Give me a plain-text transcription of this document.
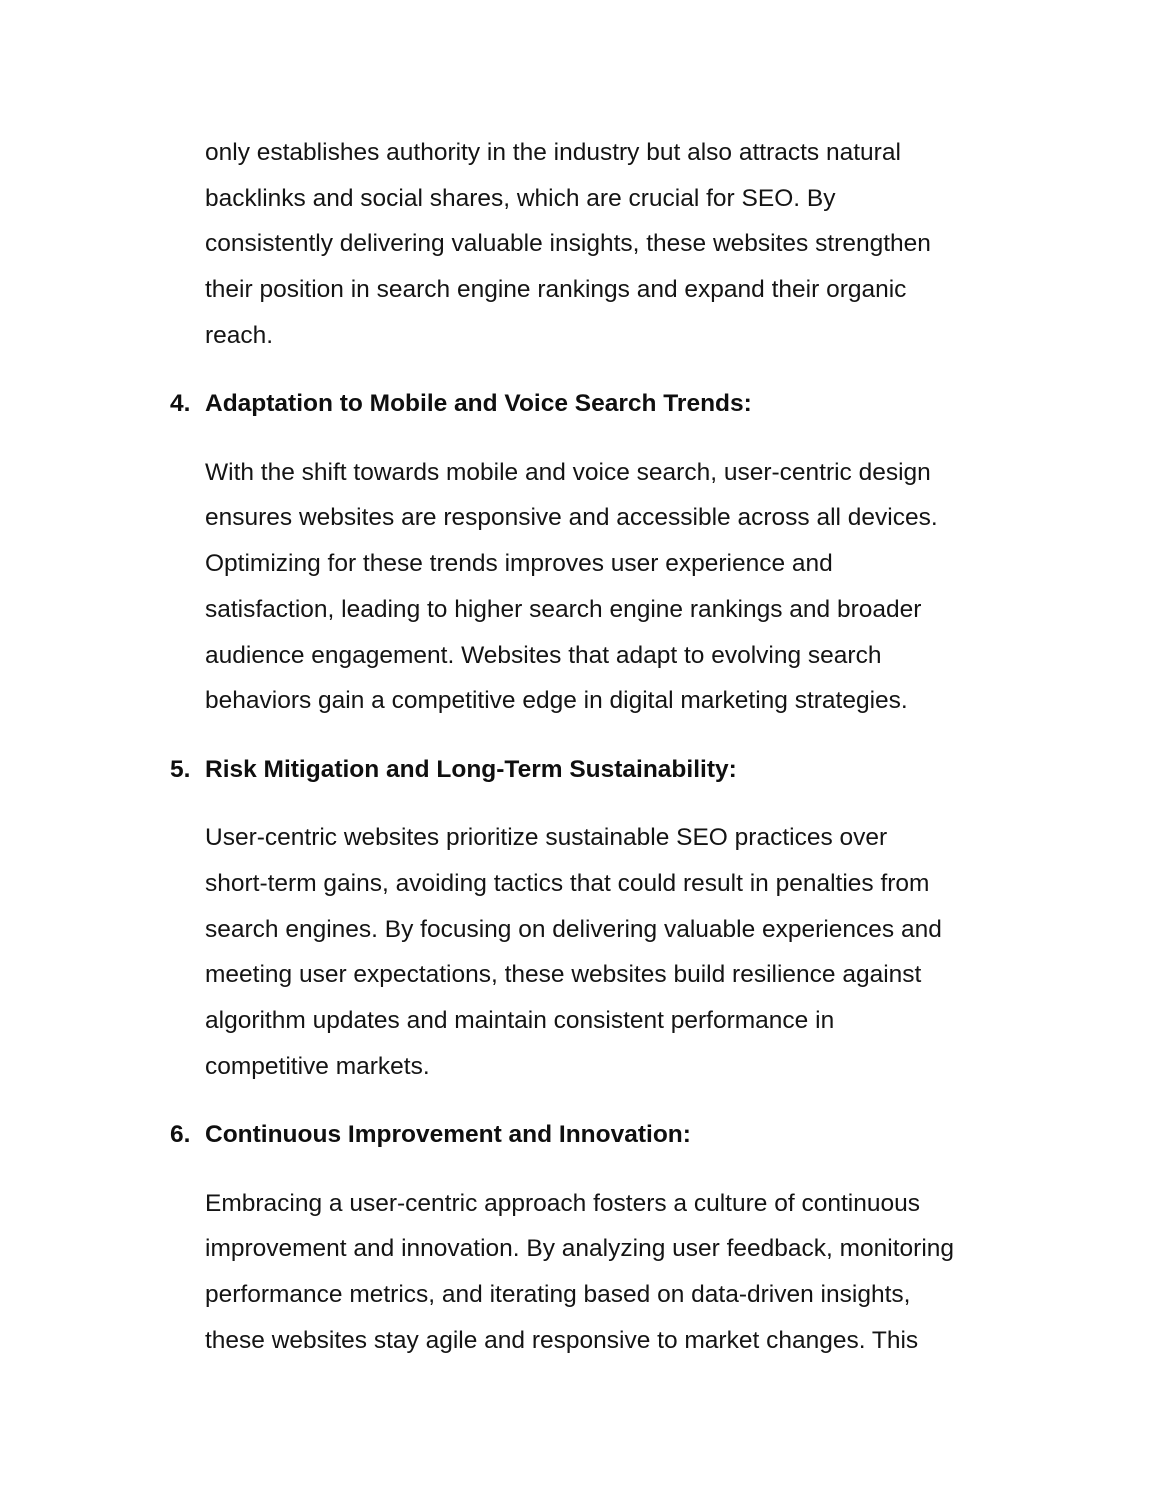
only establishes authority in the industry but also attracts natural
backlinks and social shares, which are crucial for SEO. By
consistently delivering valuable insights, these websites strengthen
their position in search engine rankings and expand their organic
reach.
4. Adaptation to Mobile and Voice Search Trends:
With the shift towards mobile and voice search, user-centric design
ensures websites are responsive and accessible across all devices.
Optimizing for these trends improves user experience and
satisfaction, leading to higher search engine rankings and broader
audience engagement. Websites that adapt to evolving search
behaviors gain a competitive edge in digital marketing strategies.
5. Risk Mitigation and Long-Term Sustainability:
User-centric websites prioritize sustainable SEO practices over
short-term gains, avoiding tactics that could result in penalties from
search engines. By focusing on delivering valuable experiences and
meeting user expectations, these websites build resilience against
algorithm updates and maintain consistent performance in
competitive markets.
6. Continuous Improvement and Innovation:
Embracing a user-centric approach fosters a culture of continuous
improvement and innovation. By analyzing user feedback, monitoring
performance metrics, and iterating based on data-driven insights,
these websites stay agile and responsive to market changes. This
